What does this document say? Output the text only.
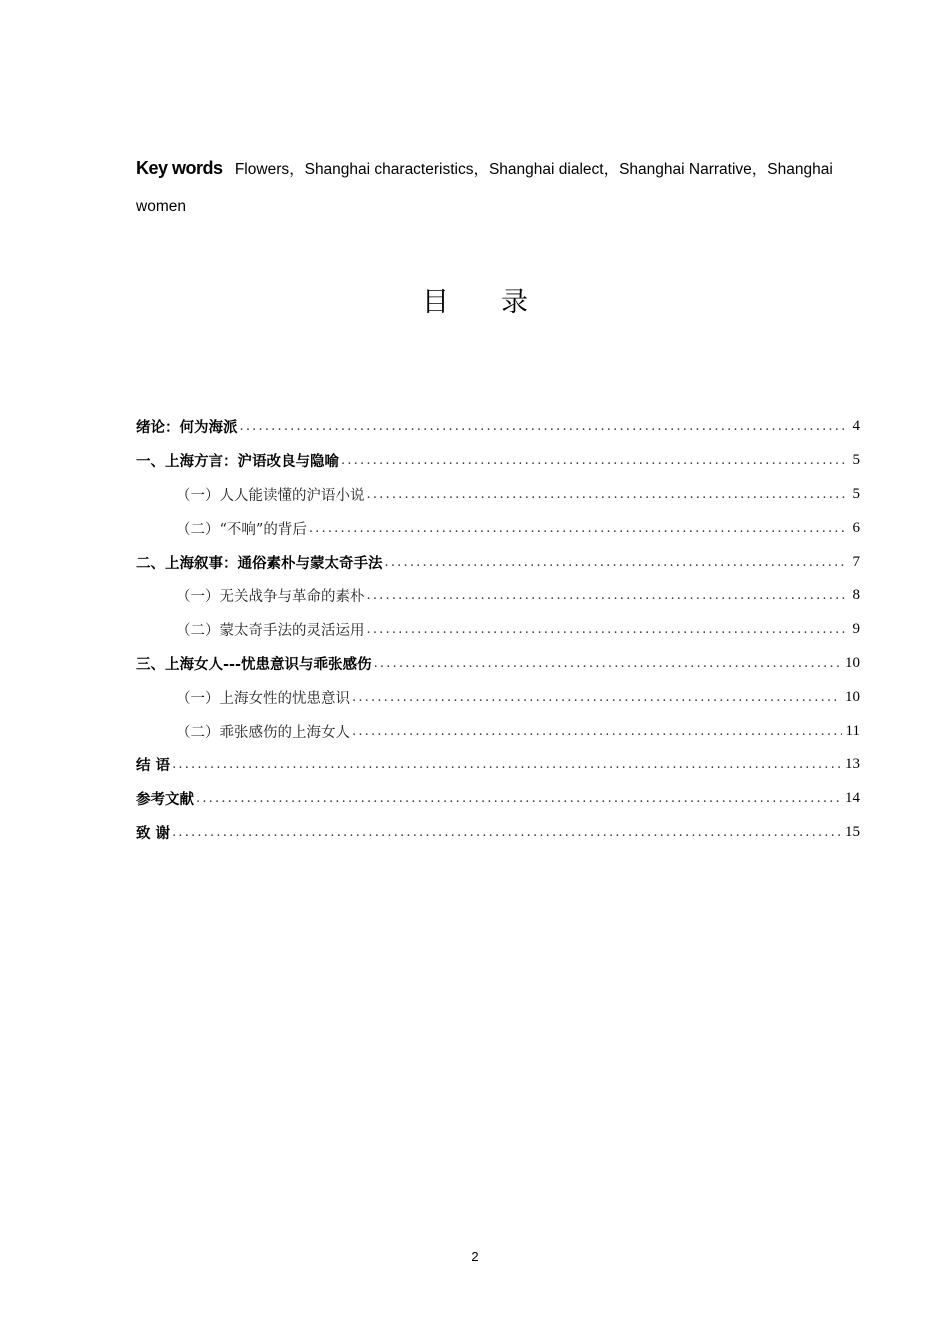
Key words Flowers，Shanghai characteristics，Shanghai dialect，Shanghai Narrative，Shanghai women
目录
绪论：何为海派 .....	4
一、上海方言：沪语改良与隐喻 .....	5
（一）人人能读懂的沪语小说 .....	5
（二）“不响”的背后 .....	6
二、上海叙事：通俗素朴与蒙太奇手法 .....	7
（一）无关战争与革命的素朴 .....	8
（二）蒙太奇手法的灵活运用 .....	9
三、上海女人---忧患意识与乖张感伤 .....	10
（一）上海女性的忧患意识 .....	10
（二）乖张感伤的上海女人 .....	11
结 语 .....	13
参考文献 .....	14
致 谢 .....	15
2
